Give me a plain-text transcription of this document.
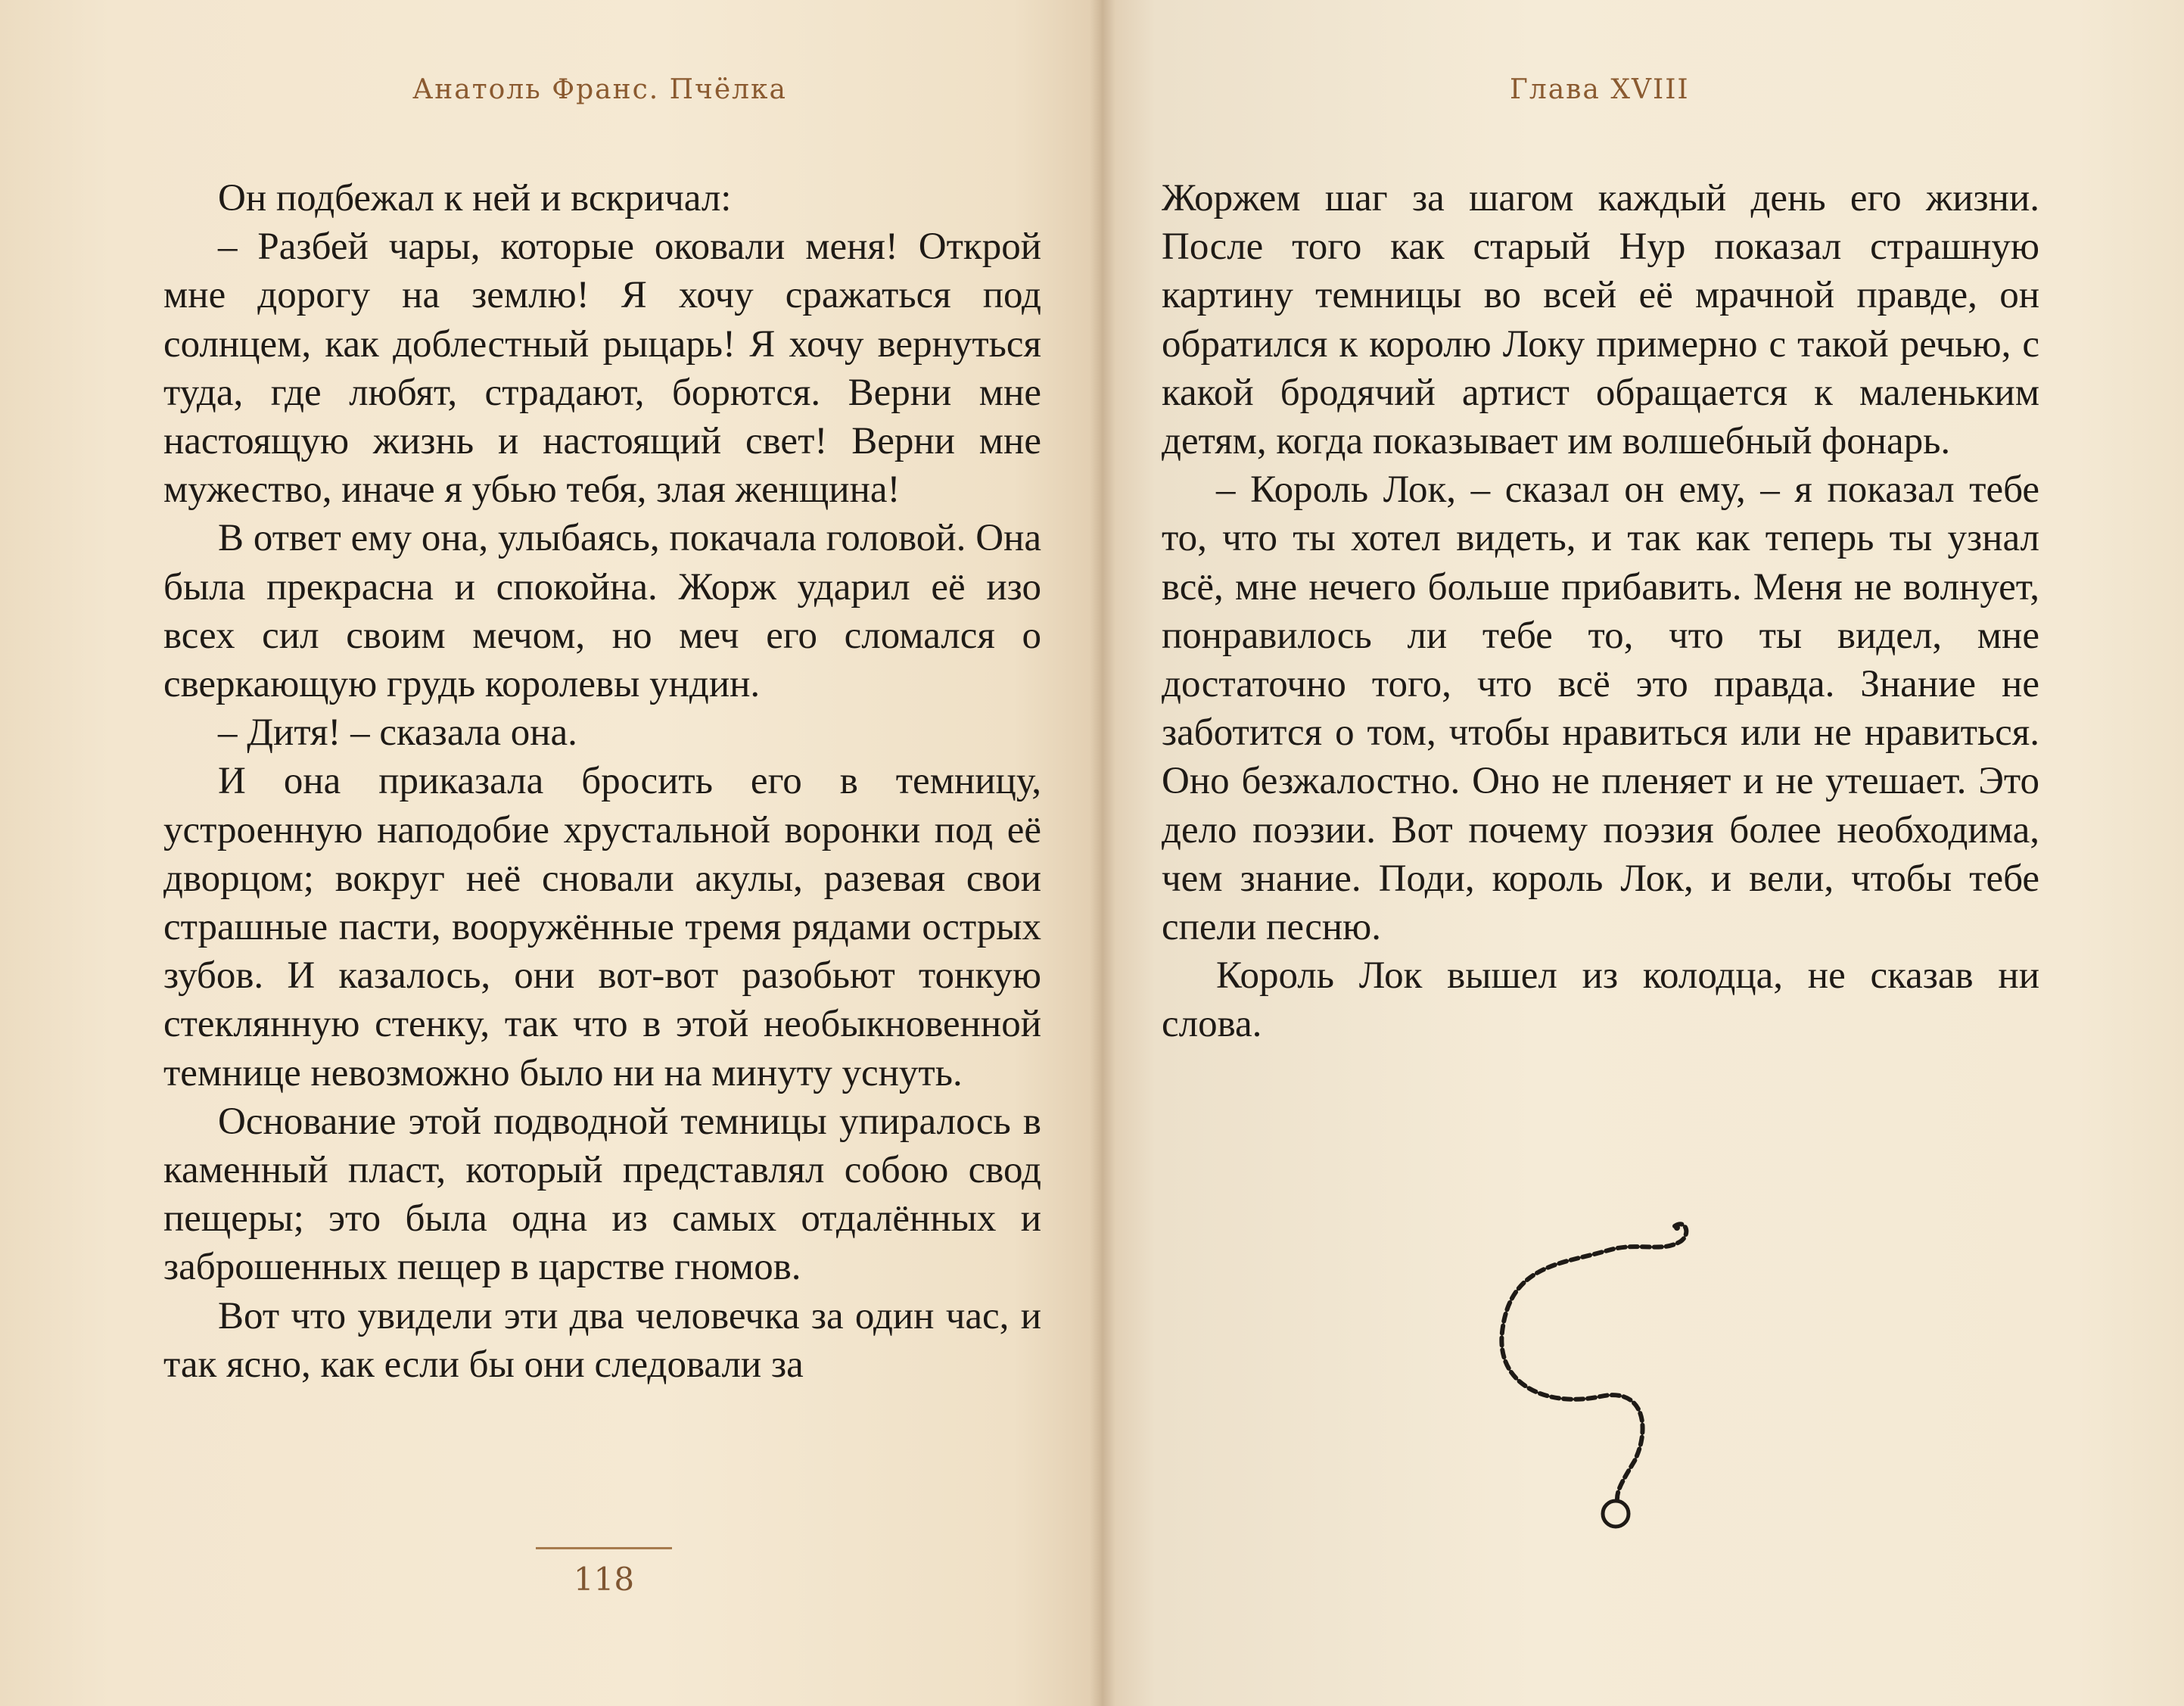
Анатоль Франс. Пчёлка

Он подбежал к ней и вскричал:

– Разбей чары, которые оковали меня! Открой мне дорогу на землю! Я хочу сражаться под солнцем, как доблестный рыцарь! Я хочу вернуться туда, где любят, страдают, борются. Верни мне настоящую жизнь и настоящий свет! Верни мне мужество, иначе я убью тебя, злая женщина!

В ответ ему она, улыбаясь, покачала головой. Она была прекрасна и спокойна. Жорж ударил её изо всех сил своим мечом, но меч его сломался о сверкающую грудь королевы ундин.

– Дитя! – сказала она.

И она приказала бросить его в темницу, устроенную наподобие хрустальной воронки под её дворцом; вокруг неё сновали акулы, разевая свои страшные пасти, вооружённые тремя рядами острых зубов. И казалось, они вот-вот разобьют тонкую стеклянную стенку, так что в этой необыкновенной темнице невозможно было ни на минуту уснуть.

Основание этой подводной темницы упиралось в каменный пласт, который представлял собою свод пещеры; это была одна из самых отдалённых и заброшенных пещер в царстве гномов.

Вот что увидели эти два человечка за один час, и так ясно, как если бы они следовали за

118
Глава XVIII

Жоржем шаг за шагом каждый день его жизни. После того как старый Нур показал страшную картину темницы во всей её мрачной правде, он обратился к королю Локу примерно с такой речью, с какой бродячий артист обращается к маленьким детям, когда показывает им волшебный фонарь.

– Король Лок, – сказал он ему, – я показал тебе то, что ты хотел видеть, и так как теперь ты узнал всё, мне нечего больше прибавить. Меня не волнует, понравилось ли тебе то, что ты видел, мне достаточно того, что всё это правда. Знание не заботится о том, чтобы нравиться или не нравиться. Оно безжалостно. Оно не пленяет и не утешает. Это дело поэзии. Вот почему поэзия более необходима, чем знание. Поди, король Лок, и вели, чтобы тебе спели песню.

Король Лок вышел из колодца, не сказав ни слова.
